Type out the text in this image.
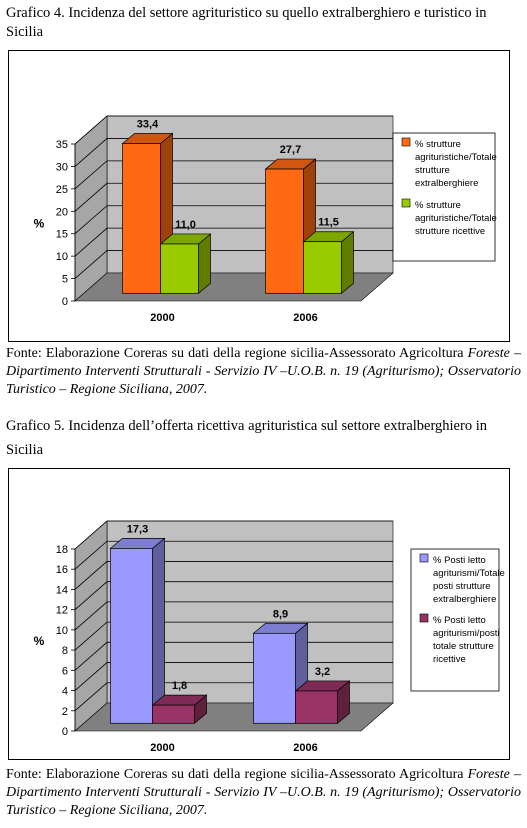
Grafico 4. Incidenza del settore agrituristico su quello extralberghiero e turistico in Sicilia
0
5
10
15
20
25
30
35
%
33,4
11,0
2000
27,7
11,5
2006
% strutture
agrituristiche/Totale
strutture
extralberghiere
% strutture
agrituristiche/Totale
strutture ricettive
Fonte: Elaborazione Coreras su dati della regione sicilia-Assessorato Agricoltura Foreste – Dipartimento Interventi Strutturali - Servizio IV –U.O.B. n. 19 (Agriturismo); Osservatorio Turistico – Regione Siciliana, 2007.
Grafico 5. Incidenza dell’offerta ricettiva agrituristica sul settore extralberghiero in Sicilia
0
2
4
6
8
10
12
14
16
18
%
17,3
1,8
2000
8,9
3,2
2006
% Posti letto
agriturismi/Totale
posti strutture
extralberghiere
% Posti letto
agriturismi/posti
totale strutture
ricettive
Fonte: Elaborazione Coreras su dati della regione sicilia-Assessorato Agricoltura Foreste – Dipartimento Interventi Strutturali - Servizio IV –U.O.B. n. 19 (Agriturismo); Osservatorio Turistico – Regione Siciliana, 2007.
